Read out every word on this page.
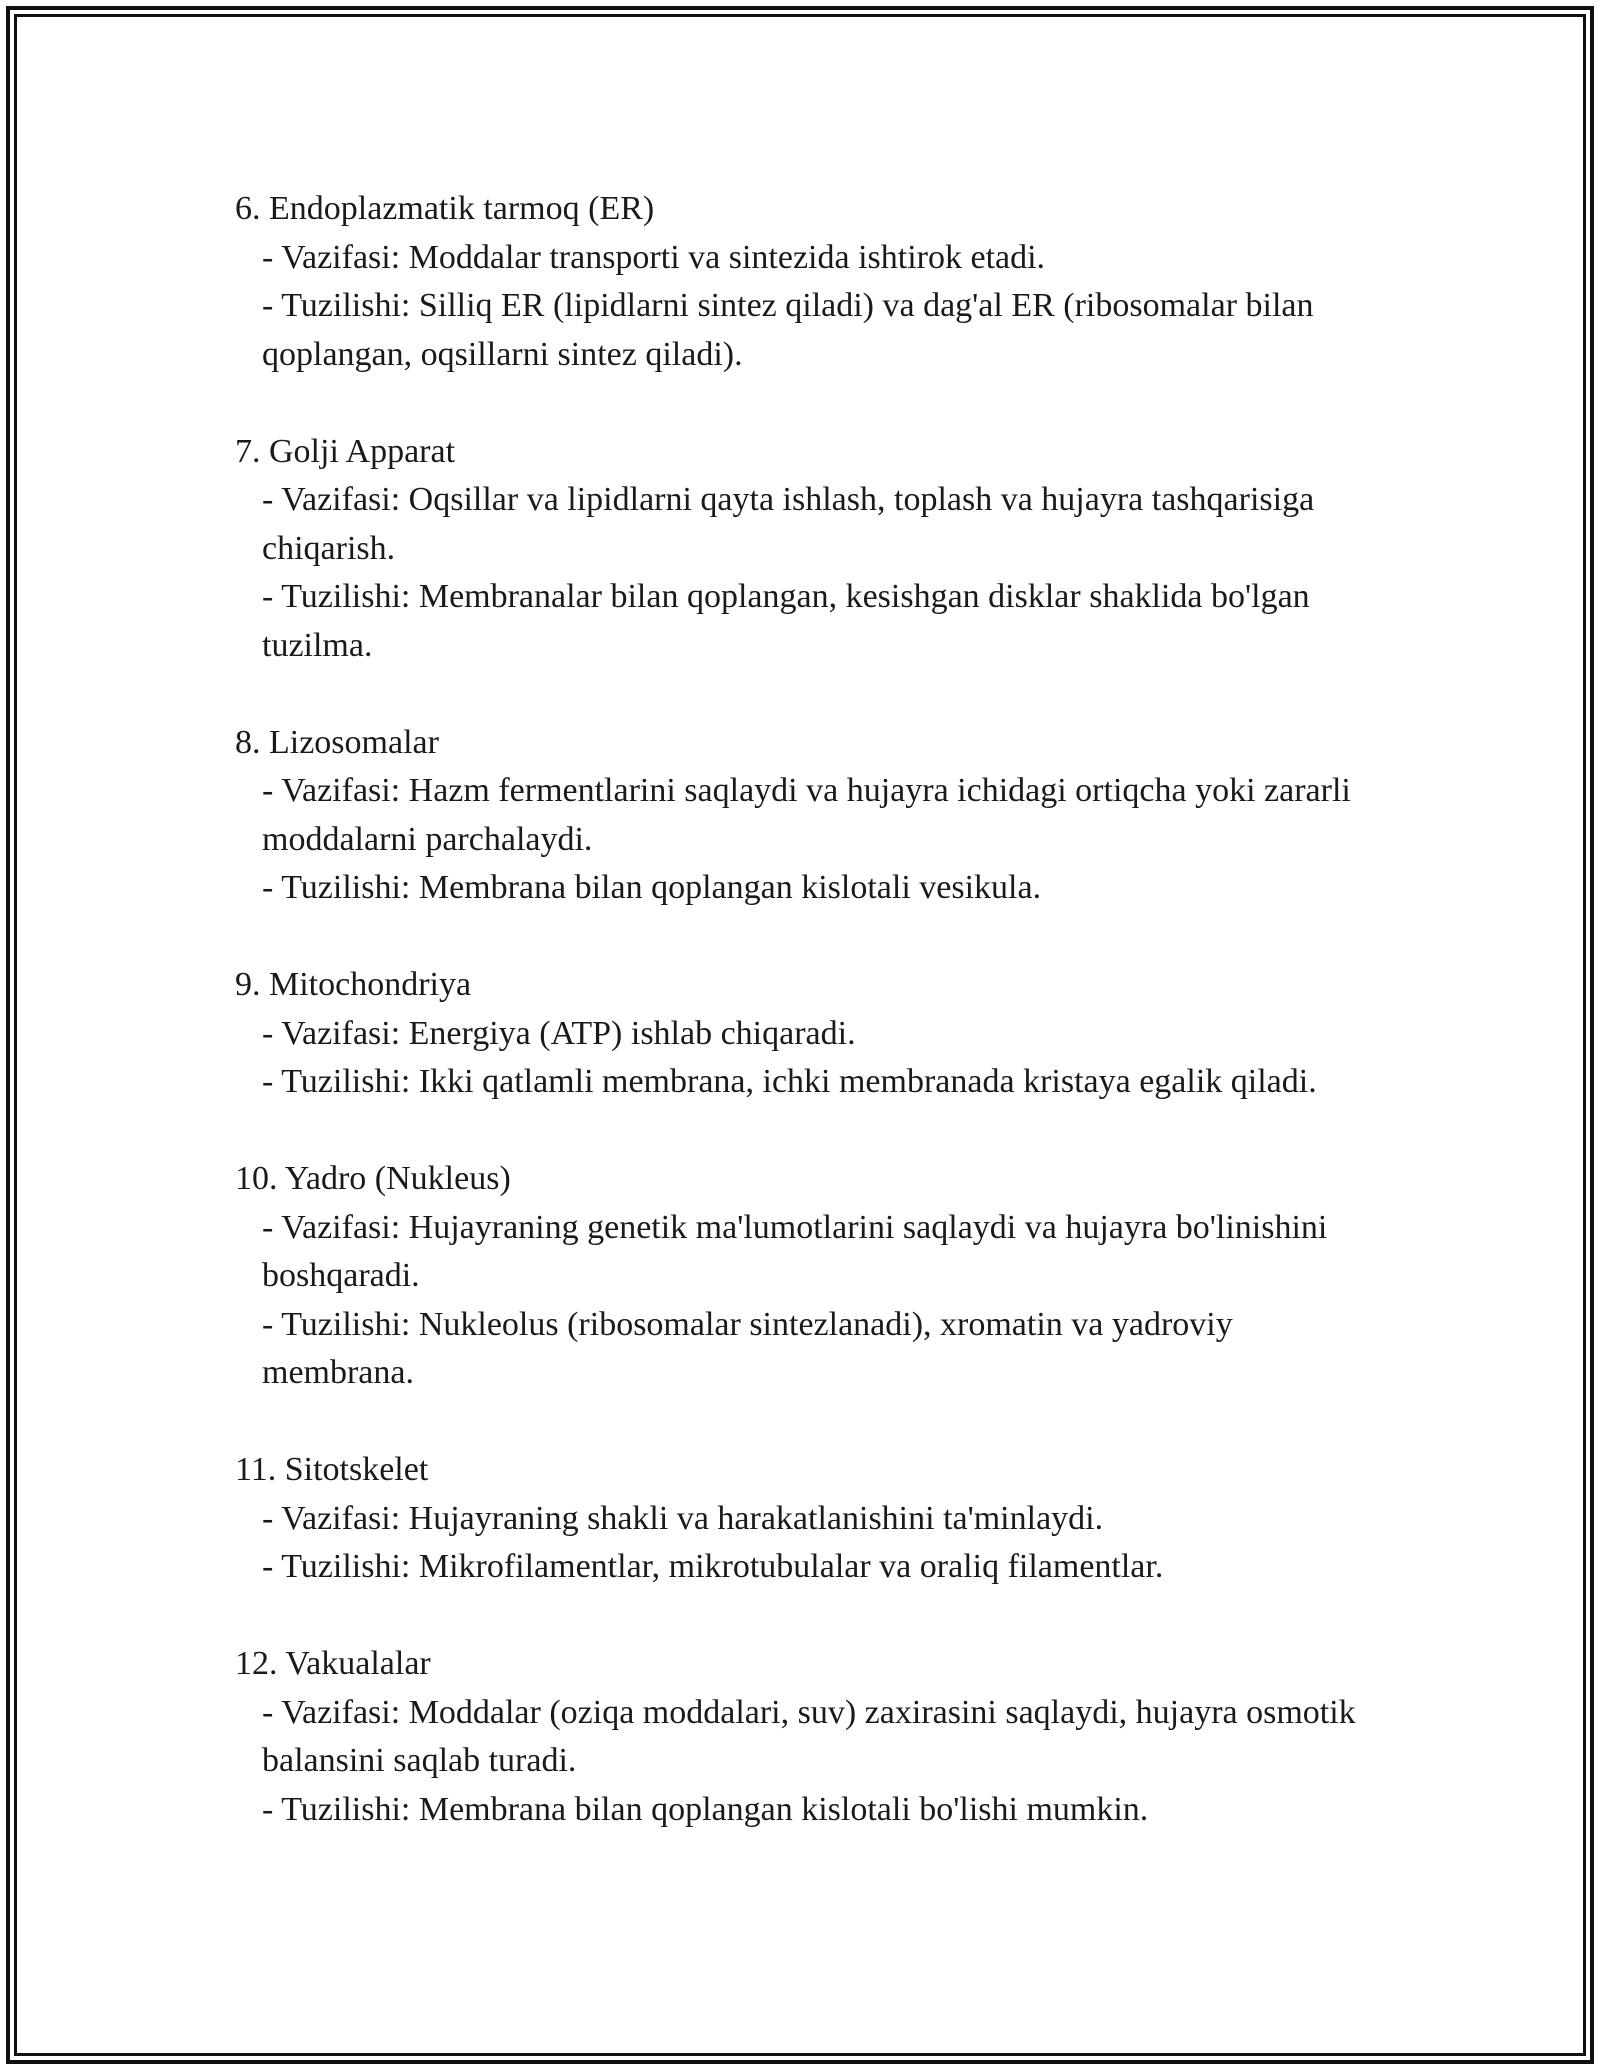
6. Endoplazmatik tarmoq (ER)

- Vazifasi: Moddalar transporti va sintezida ishtirok etadi.

- Tuzilishi: Silliq ER (lipidlarni sintez qiladi) va dag'al ER (ribosomalar bilan qoplangan, oqsillarni sintez qiladi).

7. Golji Apparat

- Vazifasi: Oqsillar va lipidlarni qayta ishlash, toplash va hujayra tashqarisiga chiqarish.

- Tuzilishi: Membranalar bilan qoplangan, kesishgan disklar shaklida bo'lgan tuzilma.

8. Lizosomalar

- Vazifasi: Hazm fermentlarini saqlaydi va hujayra ichidagi ortiqcha yoki zararli moddalarni parchalaydi.

- Tuzilishi: Membrana bilan qoplangan kislotali vesikula.

9. Mitochondriya

- Vazifasi: Energiya (ATP) ishlab chiqaradi.

- Tuzilishi: Ikki qatlamli membrana, ichki membranada kristaya egalik qiladi.

10. Yadro (Nukleus)

- Vazifasi: Hujayraning genetik ma'lumotlarini saqlaydi va hujayra bo'linishini boshqaradi.

- Tuzilishi: Nukleolus (ribosomalar sintezlanadi), xromatin va yadroviy membrana.

11. Sitotskelet

- Vazifasi: Hujayraning shakli va harakatlanishini ta'minlaydi.

- Tuzilishi: Mikrofilamentlar, mikrotubulalar va oraliq filamentlar.

12. Vakualalar

- Vazifasi: Moddalar (oziqa moddalari, suv) zaxirasini saqlaydi, hujayra osmotik balansini saqlab turadi.

- Tuzilishi: Membrana bilan qoplangan kislotali bo'lishi mumkin.
